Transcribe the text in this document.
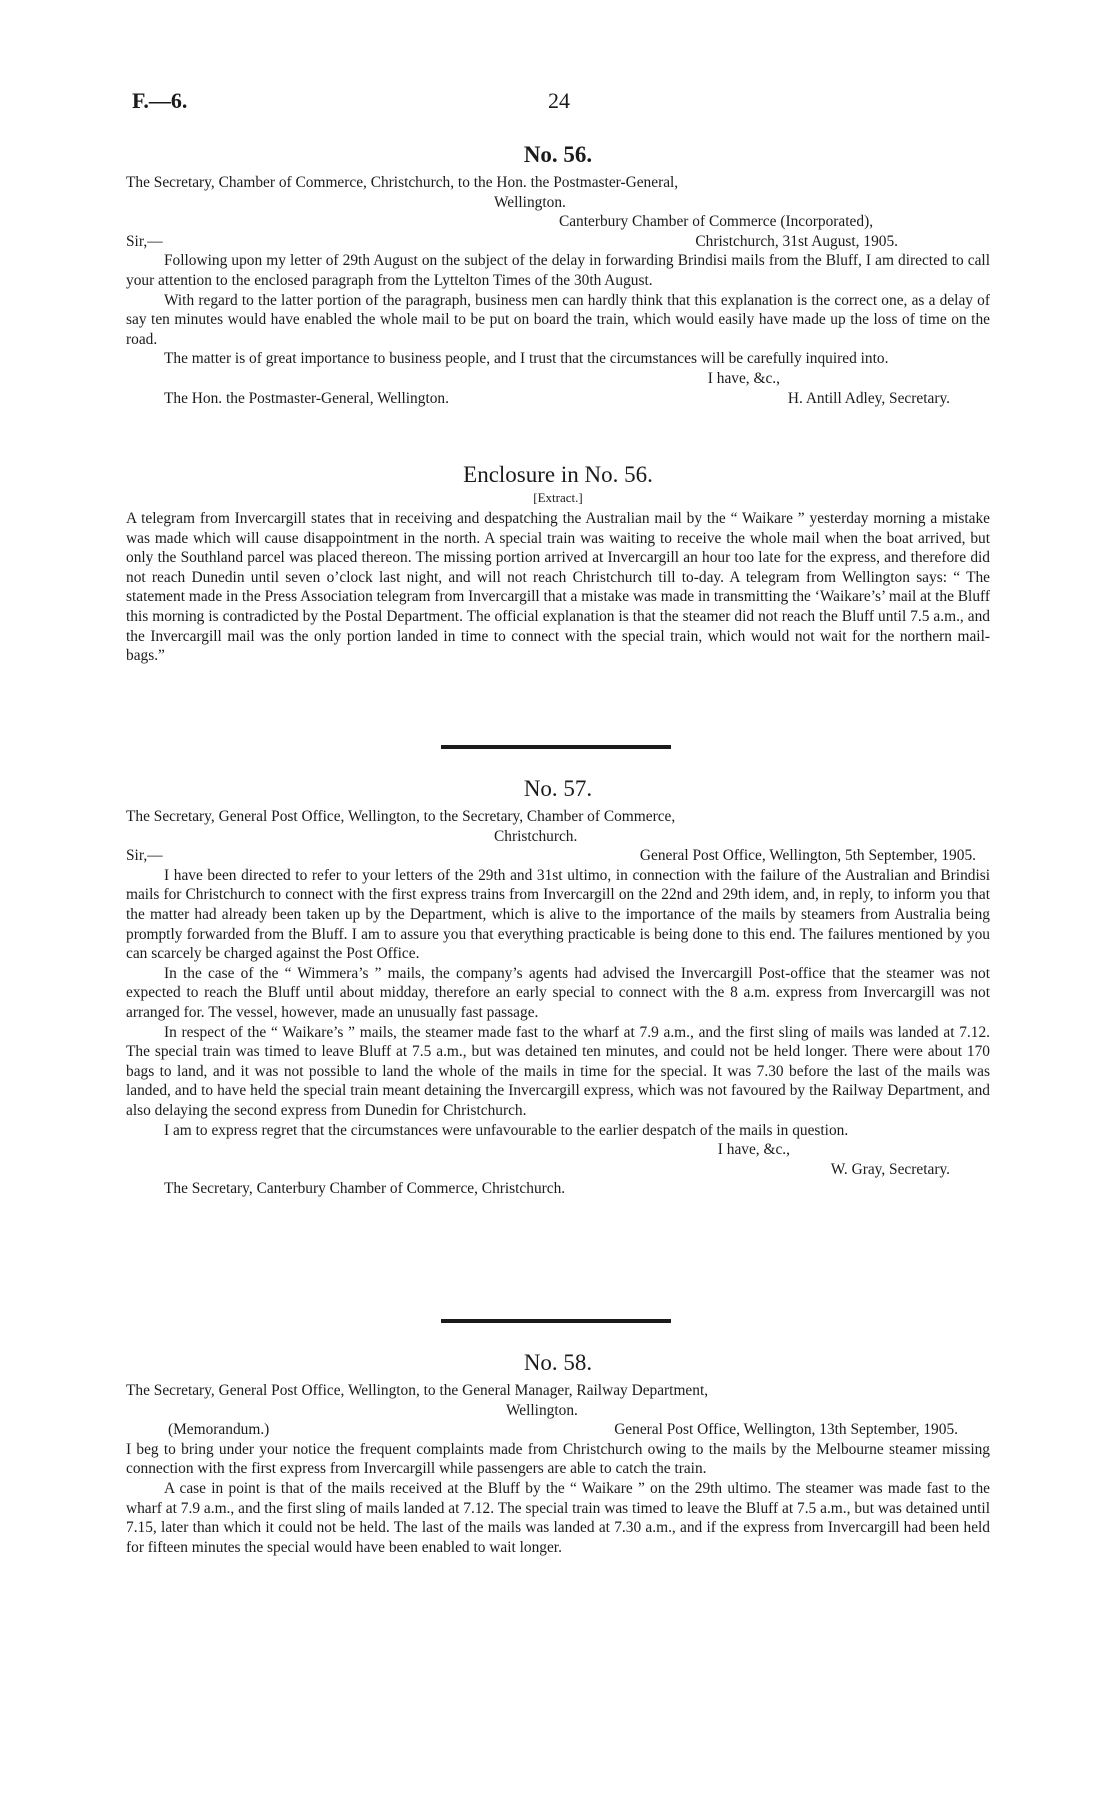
F.—6.	24
No. 56.
The Secretary, Chamber of Commerce, Christchurch, to the Hon. the Postmaster-General,
Wellington.
Canterbury Chamber of Commerce (Incorporated),
Sir,—	Christchurch, 31st August, 1905.

Following upon my letter of 29th August on the subject of the delay in forwarding Brindisi mails from the Bluff, I am directed to call your attention to the enclosed paragraph from the Lyttelton Times of the 30th August.

With regard to the latter portion of the paragraph, business men can hardly think that this explanation is the correct one, as a delay of say ten minutes would have enabled the whole mail to be put on board the train, which would easily have made up the loss of time on the road.

The matter is of great importance to business people, and I trust that the circumstances will be carefully inquired into.

I have, &c.,
The Hon. the Postmaster-General, Wellington.	H. Antill Adley, Secretary.
Enclosure in No. 56.
[Extract.]

A telegram from Invercargill states that in receiving and despatching the Australian mail by the “ Waikare ” yesterday morning a mistake was made which will cause disappointment in the north. A special train was waiting to receive the whole mail when the boat arrived, but only the Southland parcel was placed thereon. The missing portion arrived at Invercargill an hour too late for the express, and therefore did not reach Dunedin until seven o’clock last night, and will not reach Christchurch till to-day. A telegram from Wellington says: “ The statement made in the Press Association telegram from Invercargill that a mistake was made in transmitting the ‘Waikare’s’ mail at the Bluff this morning is contradicted by the Postal Department. The official explanation is that the steamer did not reach the Bluff until 7.5 a.m., and the Invercargill mail was the only portion landed in time to connect with the special train, which would not wait for the northern mail-bags.”

No. 57.
The Secretary, General Post Office, Wellington, to the Secretary, Chamber of Commerce,
Christchurch.
Sir,—	General Post Office, Wellington, 5th September, 1905.

I have been directed to refer to your letters of the 29th and 31st ultimo, in connection with the failure of the Australian and Brindisi mails for Christchurch to connect with the first express trains from Invercargill on the 22nd and 29th idem, and, in reply, to inform you that the matter had already been taken up by the Department, which is alive to the importance of the mails by steamers from Australia being promptly forwarded from the Bluff. I am to assure you that everything practicable is being done to this end. The failures mentioned by you can scarcely be charged against the Post Office.

In the case of the “ Wimmera’s ” mails, the company’s agents had advised the Invercargill Post-office that the steamer was not expected to reach the Bluff until about midday, therefore an early special to connect with the 8 a.m. express from Invercargill was not arranged for. The vessel, however, made an unusually fast passage.

In respect of the “ Waikare’s ” mails, the steamer made fast to the wharf at 7.9 a.m., and the first sling of mails was landed at 7.12. The special train was timed to leave Bluff at 7.5 a.m., but was detained ten minutes, and could not be held longer. There were about 170 bags to land, and it was not possible to land the whole of the mails in time for the special. It was 7.30 before the last of the mails was landed, and to have held the special train meant detaining the Invercargill express, which was not favoured by the Railway Department, and also delaying the second express from Dunedin for Christchurch.

I am to express regret that the circumstances were unfavourable to the earlier despatch of the mails in question.

I have, &c.,
W. Gray, Secretary.
The Secretary, Canterbury Chamber of Commerce, Christchurch.
No. 58.
The Secretary, General Post Office, Wellington, to the General Manager, Railway Department,
Wellington.
(Memorandum.)	General Post Office, Wellington, 13th September, 1905.

I beg to bring under your notice the frequent complaints made from Christchurch owing to the mails by the Melbourne steamer missing connection with the first express from Invercargill while passengers are able to catch the train.

A case in point is that of the mails received at the Bluff by the “ Waikare ” on the 29th ultimo. The steamer was made fast to the wharf at 7.9 a.m., and the first sling of mails landed at 7.12. The special train was timed to leave the Bluff at 7.5 a.m., but was detained until 7.15, later than which it could not be held. The last of the mails was landed at 7.30 a.m., and if the express from Invercargill had been held for fifteen minutes the special would have been enabled to wait longer.
